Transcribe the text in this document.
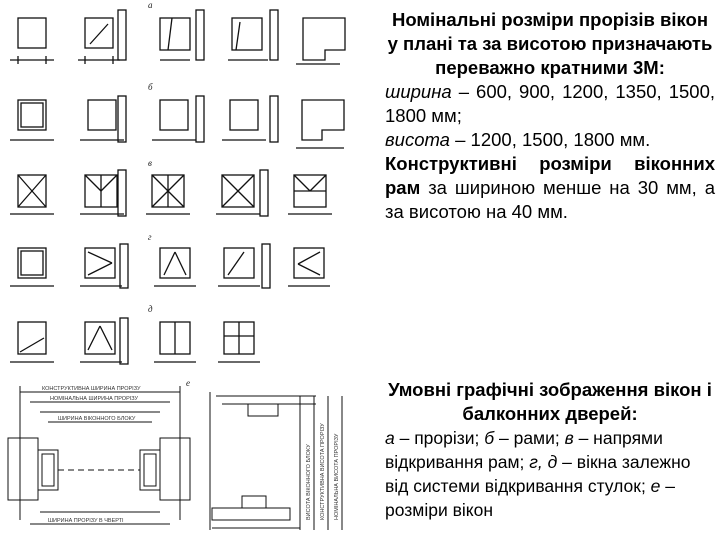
а
б
в
г
д
е
КОНСТРУКТИВНА ШИРИНА ПРОРІЗУ
НОМІНАЛЬНА ШИРИНА ПРОРІЗУ
ШИРИНА ВІКОННОГО БЛОКУ
ШИРИНА ПРОРІЗУ В ЧВЕРТІ
КОНСТРУКТИВНА ВИСОТА ПРОРІЗУ НОМІНАЛЬНА ВИСОТА ПРОРІЗУ
ВИСОТА ВІКОННОГО БЛОКУ

Номінальні розміри прорізів вікон у плані та за висотою призначають переважно кратними 3М:

ширина – 600, 900, 1200, 1350, 1500, 1800 мм;

висота – 1200, 1500, 1800 мм.

Конструктивні розміри віконних рам за шириною менше на 30 мм, а за висотою на 40 мм.

Умовні графічні зображення вікон і балконних дверей:

а – прорізи; б – рами; в – напрями відкривання рам; г, д – вікна залежно від системи відкривання стулок; е – розміри вікон
